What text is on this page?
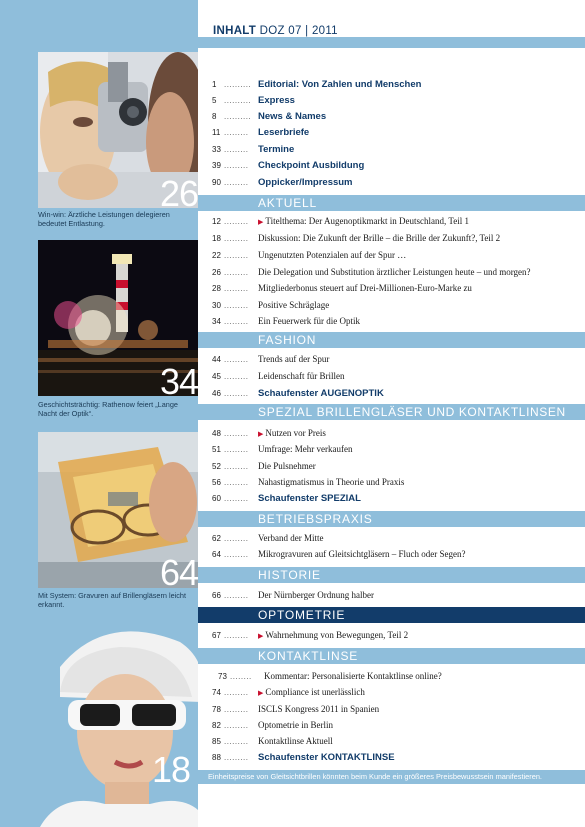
26
Win-win: Ärztliche Leistungen delegieren bedeutet Entlastung.
34
Geschichtsträchtig: Rathenow feiert „Lange Nacht der Optik“.
64
Mit System: Gravuren auf Brillengläsern leicht erkannt.
18
INHALT DOZ 07 | 2011
1 .......... Editorial: Von Zahlen und Menschen
5 .......... Express
8 .......... News & Names
11 ......... Leserbriefe
33 ......... Termine
39 ......... Checkpoint Ausbildung
90 ......... Oppicker/Impressum
AKTUELL
12 ......... ▶ Titelthema: Der Augenoptikmarkt in Deutschland, Teil 1
18 ......... Diskussion: Die Zukunft der Brille – die Brille der Zukunft?, Teil 2
22 ......... Ungenutzten Potenzialen auf der Spur …
26 ......... Die Delegation und Substitution ärztlicher Leistungen heute – und morgen?
28 ......... Mitgliederbonus steuert auf Drei-Millionen-Euro-Marke zu
30 ......... Positive Schräglage
34 ......... Ein Feuerwerk für die Optik
FASHION
44 ......... Trends auf der Spur
45 ......... Leidenschaft für Brillen
46 ......... Schaufenster AUGENOPTIK
SPEZIAL BRILLENGLÄSER UND KONTAKTLINSEN
48 ......... ▶ Nutzen vor Preis
51 ......... Umfrage: Mehr verkaufen
52 ......... Die Pulsnehmer
56 ......... Nahastigmatismus in Theorie und Praxis
60 ......... Schaufenster SPEZIAL
BETRIEBSPRAXIS
62 ......... Verband der Mitte
64 ......... Mikrogravuren auf Gleitsichtgläsern – Fluch oder Segen?
HISTORIE
66 ......... Der Nürnberger Ordnung halber
OPTOMETRIE
67 ......... ▶ Wahrnehmung von Bewegungen, Teil 2
KONTAKTLINSE
73 ........ Kommentar: Personalisierte Kontaktlinse online?
74 ......... ▶ Compliance ist unerlässlich
78 ......... ISCLS Kongress 2011 in Spanien
82 ......... Optometrie in Berlin
85 ......... Kontaktlinse Aktuell
88 ......... Schaufenster KONTAKTLINSE
Einheitspreise von Gleitsichtbrillen könnten beim Kunde ein größeres Preisbewusstsein manifestieren.
